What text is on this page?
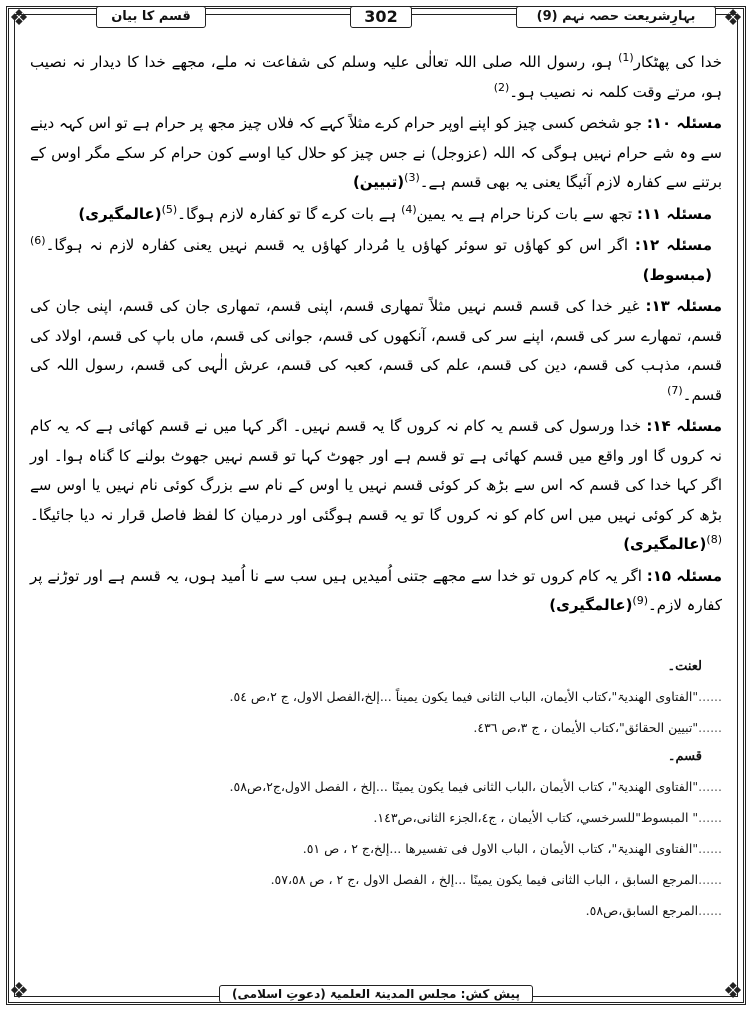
❖	❖
❖	❖
بہارِشریعت حصہ نہم (9)
302
قسم کا بیان

خدا کی پھٹکار$^{(1)}$ ہو، رسول اللہ صلی اللہ تعالٰی علیہ وسلم کی شفاعت نہ ملے، مجھے خدا کا دیدار نہ نصیب ہو، مرتے وقت کلمہ نہ نصیب ہو۔$^{(2)}$

مسئلہ ۱۰: جو شخص کسی چیز کو اپنے اوپر حرام کرے مثلاً کہے کہ فلاں چیز مجھ پر حرام ہے تو اس کہہ دینے سے وہ شے حرام نہیں ہوگی کہ اللہ (عزوجل) نے جس چیز کو حلال کیا اوسے کون حرام کر سکے مگر اوس کے برتنے سے کفارہ لازم آئیگا یعنی یہ بھی قسم ہے۔$^{(3)}$(تبیین)

مسئلہ ۱۱: تجھ سے بات کرنا حرام ہے یہ یمین$^{(4)}$ ہے بات کرے گا تو کفارہ لازم ہوگا۔$^{(5)}$(عالمگیری)

مسئلہ ۱۲: اگر اس کو کھاؤں تو سوئر کھاؤں یا مُردار کھاؤں یہ قسم نہیں یعنی کفارہ لازم نہ ہوگا۔$^{(6)}$(مبسوط)

مسئلہ ۱۳: غیر خدا کی قسم قسم نہیں مثلاً تمھاری قسم، اپنی قسم، تمھاری جان کی قسم، اپنی جان کی قسم، تمھارے سر کی قسم، اپنے سر کی قسم، آنکھوں کی قسم، جوانی کی قسم، ماں باپ کی قسم، اولاد کی قسم، مذہب کی قسم، دین کی قسم، علم کی قسم، کعبہ کی قسم، عرش الٰہی کی قسم، رسول اللہ کی قسم۔$^{(7)}$

مسئلہ ۱۴: خدا ورسول کی قسم یہ کام نہ کروں گا یہ قسم نہیں۔ اگر کہا میں نے قسم کھائی ہے کہ یہ کام نہ کروں گا اور واقع میں قسم کھائی ہے تو قسم ہے اور جھوٹ کہا تو قسم نہیں جھوٹ بولنے کا گناہ ہوا۔ اور اگر کہا خدا کی قسم کہ اس سے بڑھ کر کوئی قسم نہیں یا اوس کے نام سے بزرگ کوئی نام نہیں یا اوس سے بڑھ کر کوئی نہیں میں اس کام کو نہ کروں گا تو یہ قسم ہوگئی اور درمیان کا لفظ فاصل قرار نہ دیا جائیگا۔$^{(8)}$(عالمگیری)

مسئلہ ۱۵: اگر یہ کام کروں تو خدا سے مجھے جتنی اُمیدیں ہیں سب سے نا اُمید ہوں، یہ قسم ہے اور توڑنے پر کفارہ لازم۔$^{(9)}$(عالمگیری)

لعنت۔
......"الفتاوی الھندیۃ"،کتاب الأیمان، الباب الثانی فیما یکون یمیناً ...إلخ،الفصل الاول، ج ۲،ص ٥٤.
......"تبیین الحقائق"،کتاب الأیمان ، ج ۳،ص ٤٣٦.
قسم۔
......"الفتاوی الھندیۃ"، کتاب الأیمان ،الباب الثانی فیما یکون یمینًا ...إلخ ، الفصل الاول،ج۲،ص٥٨.
......" المبسوط"للسرخسي، کتاب الأیمان ، ج٤،الجزء الثانی،ص١٤٣.
......"الفتاوی الھندیۃ"، کتاب الأیمان ، الباب الاول فی تفسیرھا ...إلخ،ج ۲ ، ص ٥١.
......المرجع السابق ، الباب الثانی فیما یکون یمینًا ...إلخ ، الفصل الاول ،ج ۲ ، ص ٥٧،٥٨.
......المرجع السابق،ص٥٨.
پیش کش: مجلس المدینۃ العلمیۃ (دعوتِ اسلامی)
